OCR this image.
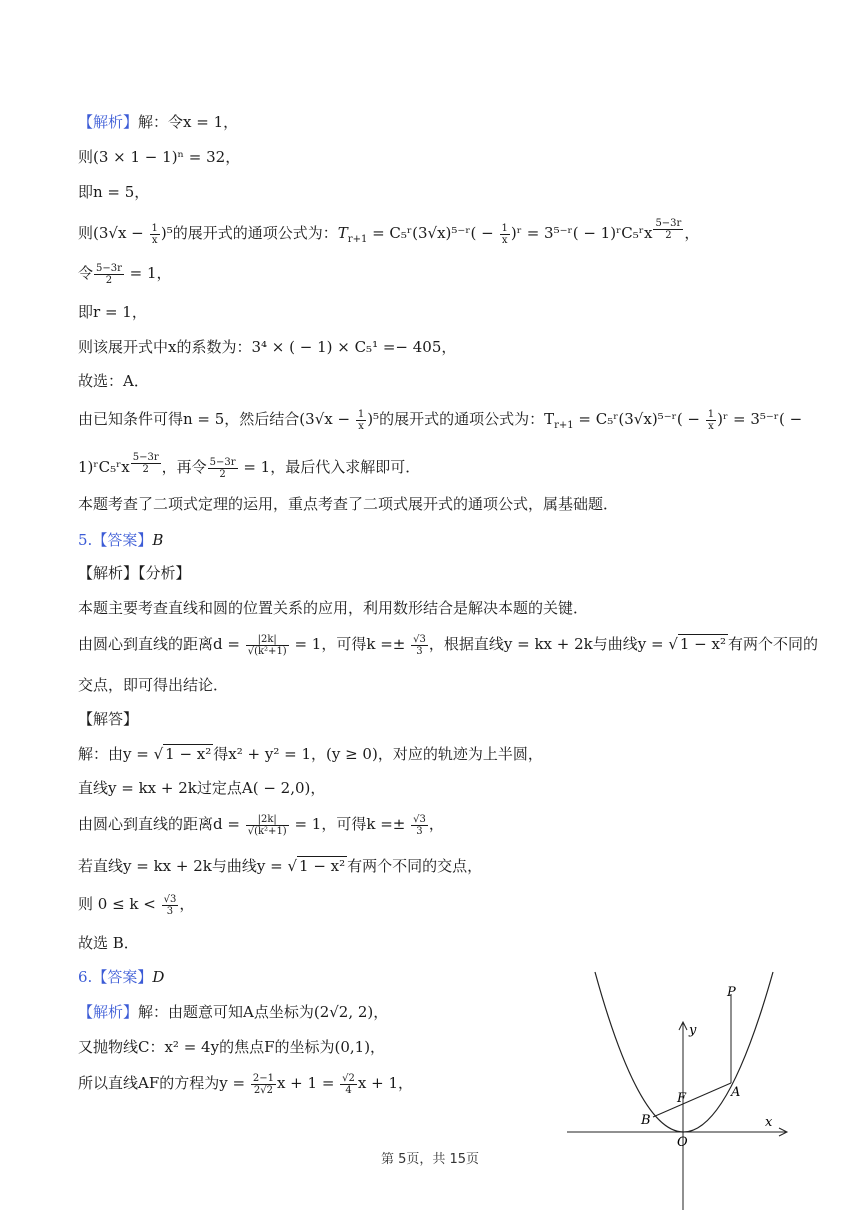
【解析】解：令x = 1，
则(3 × 1 − 1)ⁿ = 32，
即n = 5，
则$(3√x - \frac{1}{x} )^5$的展开式的通项公式为：$T_{r+1}$ = C₅ʳ(3√x)⁵⁻ʳ( − $\frac{1}{x}$ )ʳ = 3⁵⁻ʳ( − 1)ʳC₅ʳx $^{\frac{5-3r}{2}}$ ，
令 $\frac{5-3r}{2} = 1$，
即r = 1，
则该展开式中x的系数为：3⁴ × ( − 1) × C₅¹ =− 405，
故选：A．
由已知条件可得n = 5，然后结合$(3√x - \frac{1}{x} )^5$的展开式的通项公式为：$T_{r+1}$ = C₅ʳ(3√x)⁵⁻ʳ( − $\frac{1}{x}$ )ʳ = 3⁵⁻ʳ( −
1)ʳC₅ʳx $^{\frac{5-3r}{2}}$ ，再令 $\frac{5-3r}{2} = 1$，最后代入求解即可．
本题考查了二项式定理的运用，重点考查了二项式展开式的通项公式，属基础题．
5.【答案】B
【解析】【分析】
本题主要考查直线和圆的位置关系的应用，利用数形结合是解决本题的关键．
由圆心到直线的距离$d = \frac{|2k|}{\text{√(k²+1)}} = 1$，可得$k =\pm \frac{√3}{3}$ ，根据直线y = kx + 2k与曲线y = √ 1 − x² 有两个不同的
交点，即可得出结论．
【解答】
解：由y = √ 1 − x² 得x² + y² = 1，(y ≥ 0)，对应的轨迹为上半圆，
直线y = kx + 2k过定点A( − 2,0)，
由圆心到直线的距离$d = \frac{|2k|}{\text{√(k²+1)}} = 1$，可得$k =\pm \frac{√3}{3}$ ，
若直线y = kx + 2k与曲线y = √ 1 − x² 有两个不同的交点，
则 $0 \le k < \frac{√3}{3}$ ，
故选 B．
6.【答案】D
【解析】解：由题意可知A点坐标为(2√2, 2)，
又抛物线C：x² = 4y的焦点F的坐标为(0,1)，
所以直线AF的方程为$y = \frac{2-1}{2√2}$ $x + 1 = \frac{√2}{4}$ x + 1，
P
y
F	A
B
O
x
第 5页，共 15页
